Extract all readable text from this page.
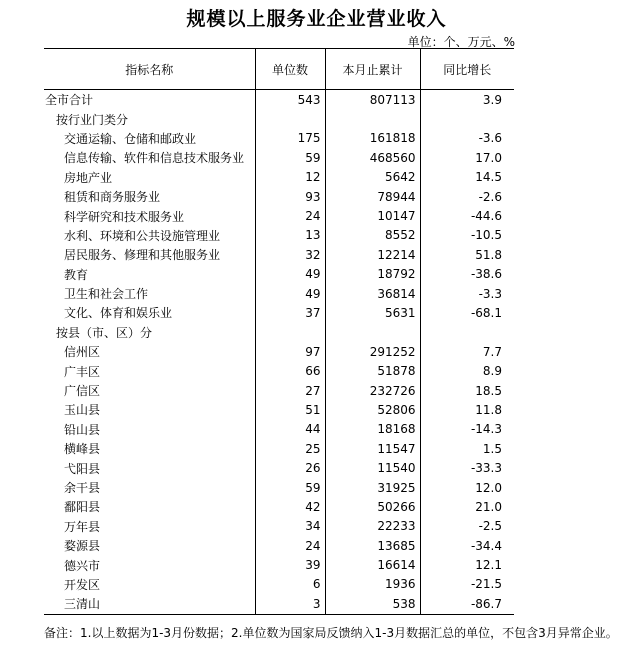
规模以上服务业企业营业收入
单位：个、万元、%
指标名称	单位数	本月止累计	同比增长
全市合计	543	807113	3.9
按行业门类分			
交通运输、仓储和邮政业	175	161818	-3.6
信息传输、软件和信息技术服务业	59	468560	17.0
房地产业	12	5642	14.5
租赁和商务服务业	93	78944	-2.6
科学研究和技术服务业	24	10147	-44.6
水利、环境和公共设施管理业	13	8552	-10.5
居民服务、修理和其他服务业	32	12214	51.8
教育	49	18792	-38.6
卫生和社会工作	49	36814	-3.3
文化、体育和娱乐业	37	5631	-68.1
按县（市、区）分			
信州区	97	291252	7.7
广丰区	66	51878	8.9
广信区	27	232726	18.5
玉山县	51	52806	11.8
铅山县	44	18168	-14.3
横峰县	25	11547	1.5
弋阳县	26	11540	-33.3
余干县	59	31925	12.0
鄱阳县	42	50266	21.0
万年县	34	22233	-2.5
婺源县	24	13685	-34.4
德兴市	39	16614	12.1
开发区	6	1936	-21.5
三清山	3	538	-86.7
备注：1.以上数据为1-3月份数据；2.单位数为国家局反馈纳入1-3月数据汇总的单位，不包含3月异常企业。
